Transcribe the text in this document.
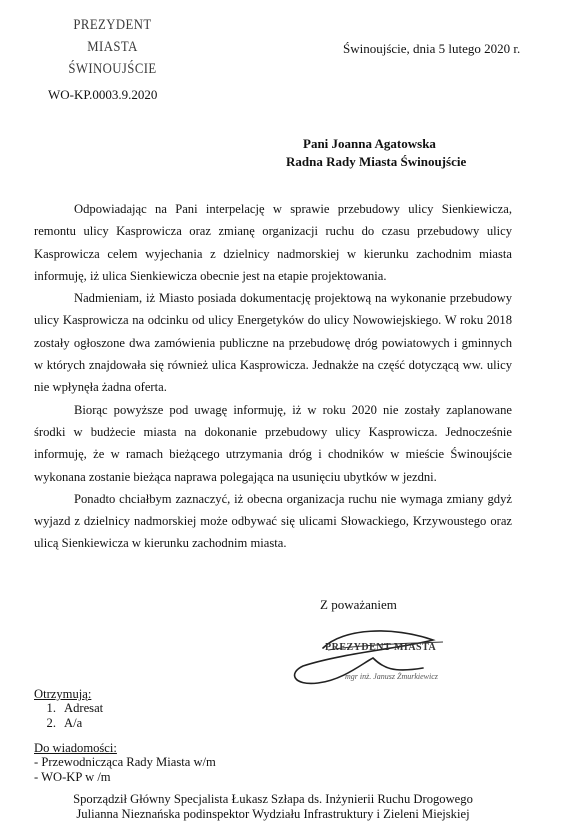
PREZYDENT
MIASTA ŚWINOUJŚCIE
Świnoujście, dnia 5 lutego 2020 r.
WO-KP.0003.9.2020
Pani Joanna Agatowska
Radna Rady Miasta Świnoujście

Odpowiadając na Pani interpelację w sprawie przebudowy ulicy Sienkiewicza, remontu ulicy Kasprowicza oraz zmianę organizacji ruchu do czasu przebudowy ulicy Kasprowicza celem wyjechania z dzielnicy nadmorskiej w kierunku zachodnim miasta informuję, iż ulica Sienkiewicza obecnie jest na etapie projektowania.

Nadmieniam, iż Miasto posiada dokumentację projektową na wykonanie przebudowy ulicy Kasprowicza na odcinku od ulicy Energetyków do ulicy Nowowiejskiego. W roku 2018 zostały ogłoszone dwa zamówienia publiczne na przebudowę dróg powiatowych i gminnych w których znajdowała się również ulica Kasprowicza. Jednakże na część dotyczącą ww. ulicy nie wpłynęła żadna oferta.

Biorąc powyższe pod uwagę informuję, iż w roku 2020 nie zostały zaplanowane środki w budżecie miasta na dokonanie przebudowy ulicy Kasprowicza. Jednocześnie informuję, że w ramach bieżącego utrzymania dróg i chodników w mieście Świnoujście wykonana zostanie bieżąca naprawa polegająca na usunięciu ubytków w jezdni.

Ponadto chciałbym zaznaczyć, iż obecna organizacja ruchu nie wymaga zmiany gdyż wyjazd z dzielnicy nadmorskiej może odbywać się ulicami Słowackiego, Krzywoustego oraz ulicą Sienkiewicza w kierunku zachodnim miasta.

Z poważaniem
PREZYDENT MIASTA
mgr inż. Janusz Żmurkiewicz
Otrzymują:
1. Adresat
2. A/a
Do wiadomości:
- Przewodnicząca Rady Miasta w/m
- WO-KP w /m
Sporządził Główny Specjalista Łukasz Szłapa ds. Inżynierii Ruchu Drogowego
Julianna Nieznańska podinspektor Wydziału Infrastruktury i Zieleni Miejskiej
